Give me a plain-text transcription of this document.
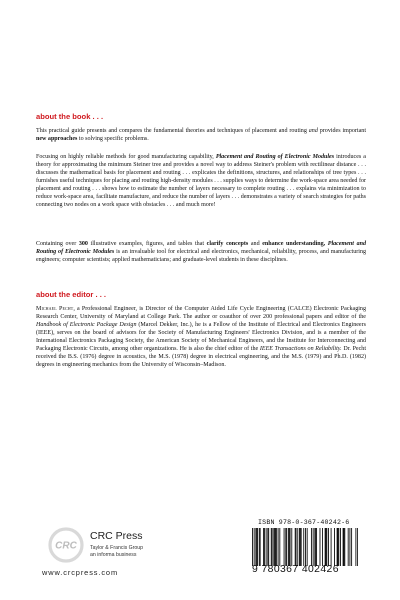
about the book . . .

This practical guide presents and compares the fundamental theories and techniques of placement and routing and provides important new approaches to solving specific problems.

Focusing on highly reliable methods for good manufacturing capability, Placement and Routing of Electronic Modules introduces a theory for approximating the minimum Steiner tree and provides a novel way to address Steiner's problem with rectilinear distance . . . discusses the mathematical basis for placement and routing . . . explicates the definitions, structures, and relationships of tree types . . . furnishes useful techniques for placing and routing high-density modules . . . supplies ways to determine the work-space area needed for placement and routing . . . shows how to estimate the number of layers necessary to complete routing . . . explains via minimization to reduce work-space area, facilitate manufacture, and reduce the number of layers . . . demonstrates a variety of search strategies for paths connecting two nodes on a work space with obstacles . . . and much more!

Containing over 300 illustrative examples, figures, and tables that clarify concepts and enhance understanding, Placement and Routing of Electronic Modules is an invaluable tool for electrical and electronics, mechanical, reliability, process, and manufacturing engineers; computer scientists; applied mathematicians; and graduate-level students in these disciplines.

about the editor . . .

Michael Pecht, a Professional Engineer, is Director of the Computer Aided Life Cycle Engineering (CALCE) Electronic Packaging Research Center, University of Maryland at College Park. The author or coauthor of over 200 professional papers and editor of the Handbook of Electronic Package Design (Marcel Dekker, Inc.), he is a Fellow of the Institute of Electrical and Electronics Engineers (IEEE), serves on the board of advisors for the Society of Manufacturing Engineers' Electronics Division, and is a member of the International Electronics Packaging Society, the American Society of Mechanical Engineers, and the Institute for Interconnecting and Packaging Electronic Circuits, among other organizations. He is also the chief editor of the IEEE Transactions on Reliability. Dr. Pecht received the B.S. (1976) degree in acoustics, the M.S. (1978) degree in electrical engineering, and the M.S. (1979) and Ph.D. (1982) degrees in engineering mechanics from the University of Wisconsin–Madison.

CRC

CRC Press

Taylor & Francis Group

an informa business

www.crcpress.com

ISBN 978-0-367-40242-6

9 780367 402426
